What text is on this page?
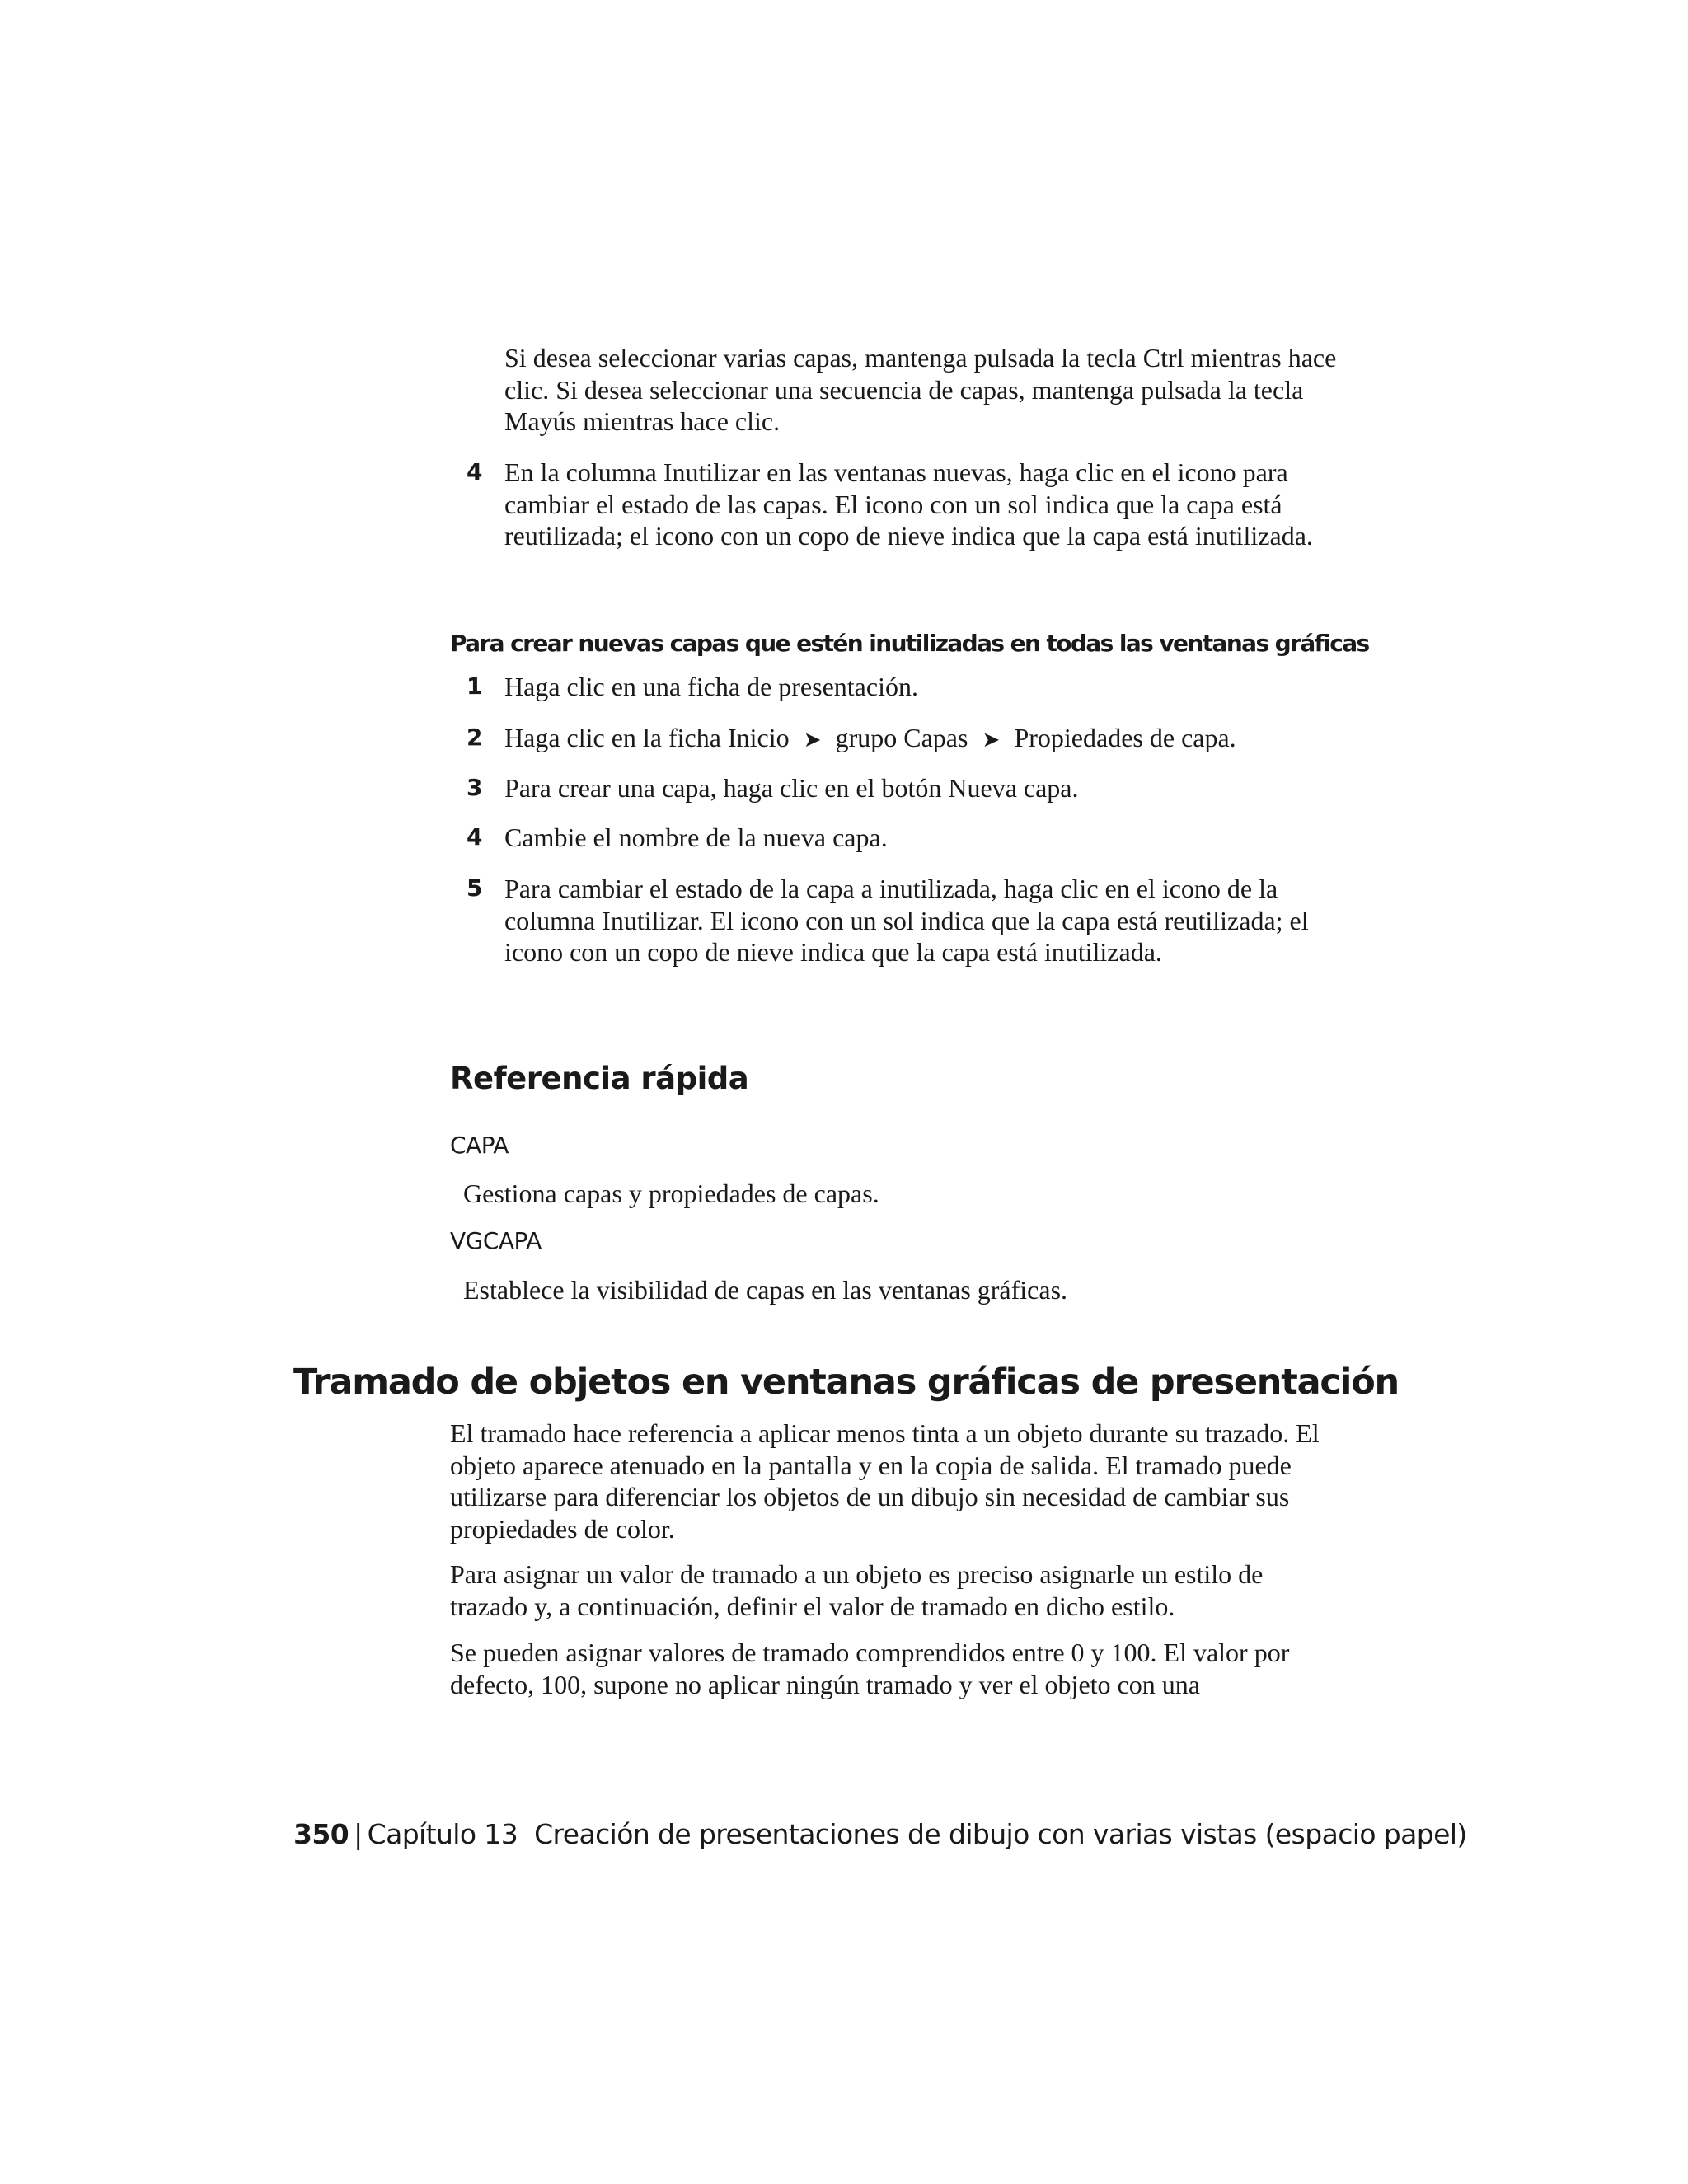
Si desea seleccionar varias capas, mantenga pulsada la tecla Ctrl mientras hace clic. Si desea seleccionar una secuencia de capas, mantenga pulsada la tecla Mayús mientras hace clic.
4 En la columna Inutilizar en las ventanas nuevas, haga clic en el icono para cambiar el estado de las capas. El icono con un sol indica que la capa está reutilizada; el icono con un copo de nieve indica que la capa está inutilizada.
Para crear nuevas capas que estén inutilizadas en todas las ventanas gráficas
1 Haga clic en una ficha de presentación.
2 Haga clic en la ficha Inicio ➤ grupo Capas ➤ Propiedades de capa.
3 Para crear una capa, haga clic en el botón Nueva capa.
4 Cambie el nombre de la nueva capa.
5 Para cambiar el estado de la capa a inutilizada, haga clic en el icono de la columna Inutilizar. El icono con un sol indica que la capa está reutilizada; el icono con un copo de nieve indica que la capa está inutilizada.
Referencia rápida
CAPA
Gestiona capas y propiedades de capas.
VGCAPA
Establece la visibilidad de capas en las ventanas gráficas.
Tramado de objetos en ventanas gráficas de presentación
El tramado hace referencia a aplicar menos tinta a un objeto durante su trazado. El objeto aparece atenuado en la pantalla y en la copia de salida. El tramado puede utilizarse para diferenciar los objetos de un dibujo sin necesidad de cambiar sus propiedades de color.
Para asignar un valor de tramado a un objeto es preciso asignarle un estilo de trazado y, a continuación, definir el valor de tramado en dicho estilo.
Se pueden asignar valores de tramado comprendidos entre 0 y 100. El valor por defecto, 100, supone no aplicar ningún tramado y ver el objeto con una
350 | Capítulo 13 Creación de presentaciones de dibujo con varias vistas (espacio papel)
